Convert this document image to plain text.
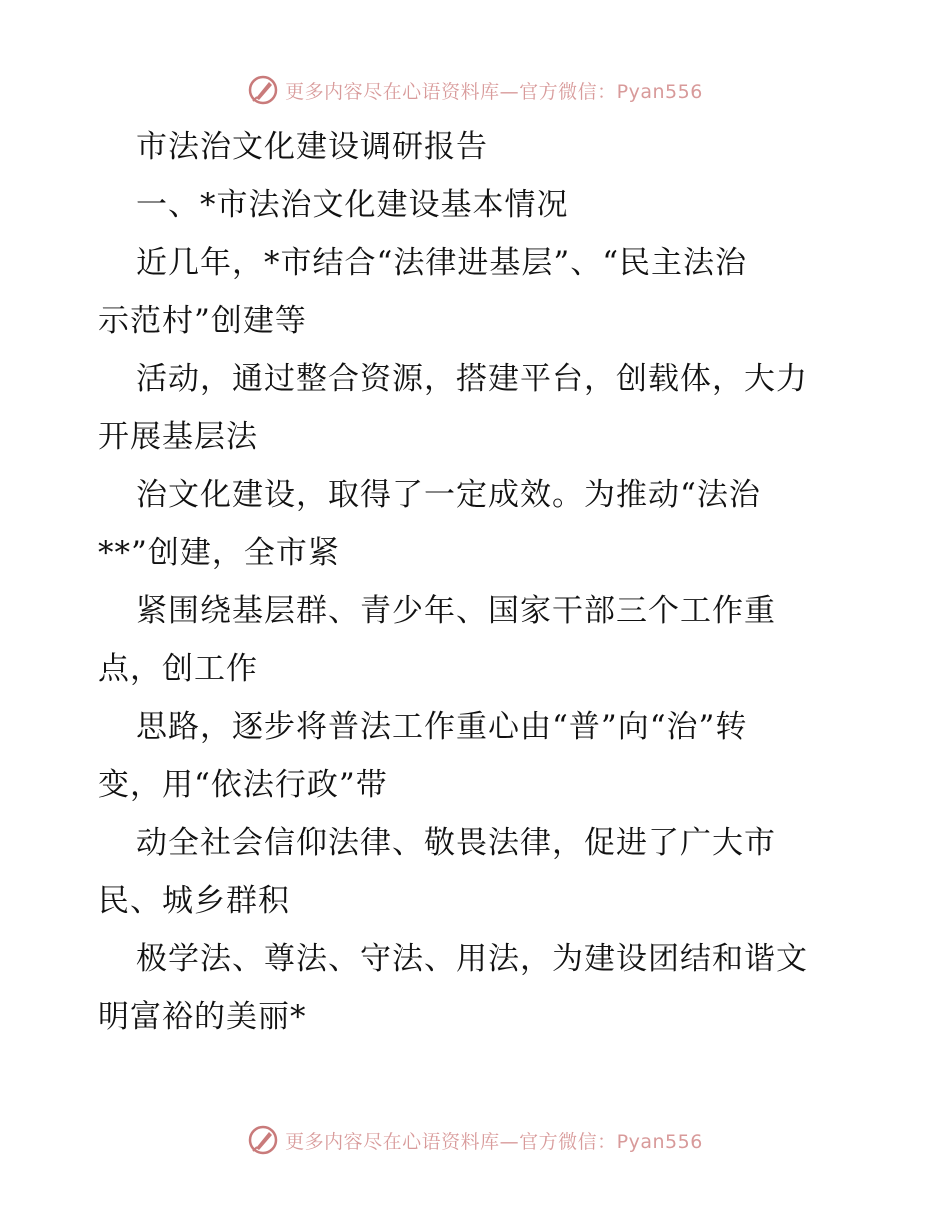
更多内容尽在心语资料库—官方微信：Pyan556
市法治文化建设调研报告
一、*市法治文化建设基本情况
近几年，*市结合“法律进基层”、“民主法治
示范村”创建等
活动，通过整合资源，搭建平台，创载体，大力
开展基层法
治文化建设，取得了一定成效。为推动“法治
**”创建，全市紧
紧围绕基层群、青少年、国家干部三个工作重
点，创工作
思路，逐步将普法工作重心由“普”向“治”转
变，用“依法行政”带
动全社会信仰法律、敬畏法律，促进了广大市
民、城乡群积
极学法、尊法、守法、用法，为建设团结和谐文
明富裕的美丽*
更多内容尽在心语资料库—官方微信：Pyan556
